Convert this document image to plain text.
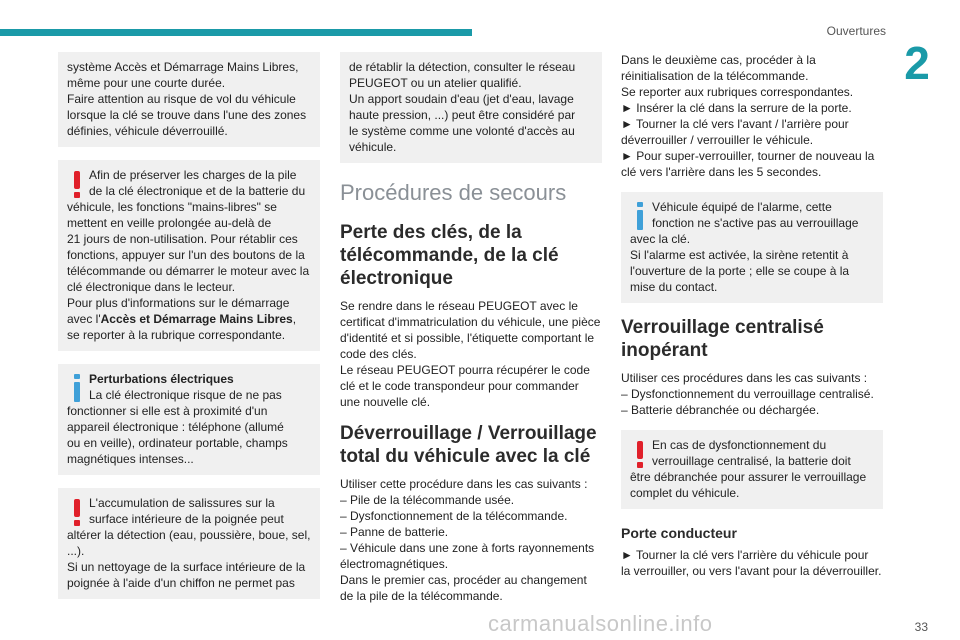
Ouvertures
2

système Accès et Démarrage Mains Libres,

même pour une courte durée.

Faire attention au risque de vol du véhicule

lorsque la clé se trouve dans l'une des zones

définies, véhicule déverrouillé.

Afin de préserver les charges de la pile

de la clé électronique et de la batterie du

véhicule, les fonctions "mains-libres" se

mettent en veille prolongée au-delà de

21 jours de non-utilisation. Pour rétablir ces

fonctions, appuyer sur l'un des boutons de la

télécommande ou démarrer le moteur avec la

clé électronique dans le lecteur.

Pour plus d'informations sur le démarrage

avec l'Accès et Démarrage Mains Libres,

se reporter à la rubrique correspondante.

Perturbations électriques

La clé électronique risque de ne pas

fonctionner si elle est à proximité d'un

appareil électronique : téléphone (allumé

ou en veille), ordinateur portable, champs

magnétiques intenses...

L'accumulation de salissures sur la

surface intérieure de la poignée peut

altérer la détection (eau, poussière, boue, sel,

...).

Si un nettoyage de la surface intérieure de la

poignée à l'aide d'un chiffon ne permet pas

de rétablir la détection, consulter le réseau

PEUGEOT ou un atelier qualifié.

Un apport soudain d'eau (jet d'eau, lavage

haute pression, ...) peut être considéré par

le système comme une volonté d'accès au

véhicule.

Procédures de secours
Perte des clés, de la télécommande, de la clé électronique

Se rendre dans le réseau PEUGEOT avec le

certificat d'immatriculation du véhicule, une pièce

d'identité et si possible, l'étiquette comportant le

code des clés.

Le réseau PEUGEOT pourra récupérer le code

clé et le code transpondeur pour commander

une nouvelle clé.

Déverrouillage / Verrouillage total du véhicule avec la clé

Utiliser cette procédure dans les cas suivants :

– Pile de la télécommande usée.

– Dysfonctionnement de la télécommande.

– Panne de batterie.

– Véhicule dans une zone à forts rayonnements

électromagnétiques.

Dans le premier cas, procéder au changement

de la pile de la télécommande.

Dans le deuxième cas, procéder à la

réinitialisation de la télécommande.

Se reporter aux rubriques correspondantes.

► Insérer la clé dans la serrure de la porte.

► Tourner la clé vers l'avant / l'arrière pour

déverrouiller / verrouiller le véhicule.

► Pour super-verrouiller, tourner de nouveau la

clé vers l'arrière dans les 5 secondes.

Véhicule équipé de l'alarme, cette

fonction ne s'active pas au verrouillage

avec la clé.

Si l'alarme est activée, la sirène retentit à

l'ouverture de la porte ; elle se coupe à la

mise du contact.

Verrouillage centralisé inopérant

Utiliser ces procédures dans les cas suivants :

– Dysfonctionnement du verrouillage centralisé.

– Batterie débranchée ou déchargée.

En cas de dysfonctionnement du

verrouillage centralisé, la batterie doit

être débranchée pour assurer le verrouillage

complet du véhicule.

Porte conducteur

► Tourner la clé vers l'arrière du véhicule pour

la verrouiller, ou vers l'avant pour la déverrouiller.

carmanualsonline.info	33
